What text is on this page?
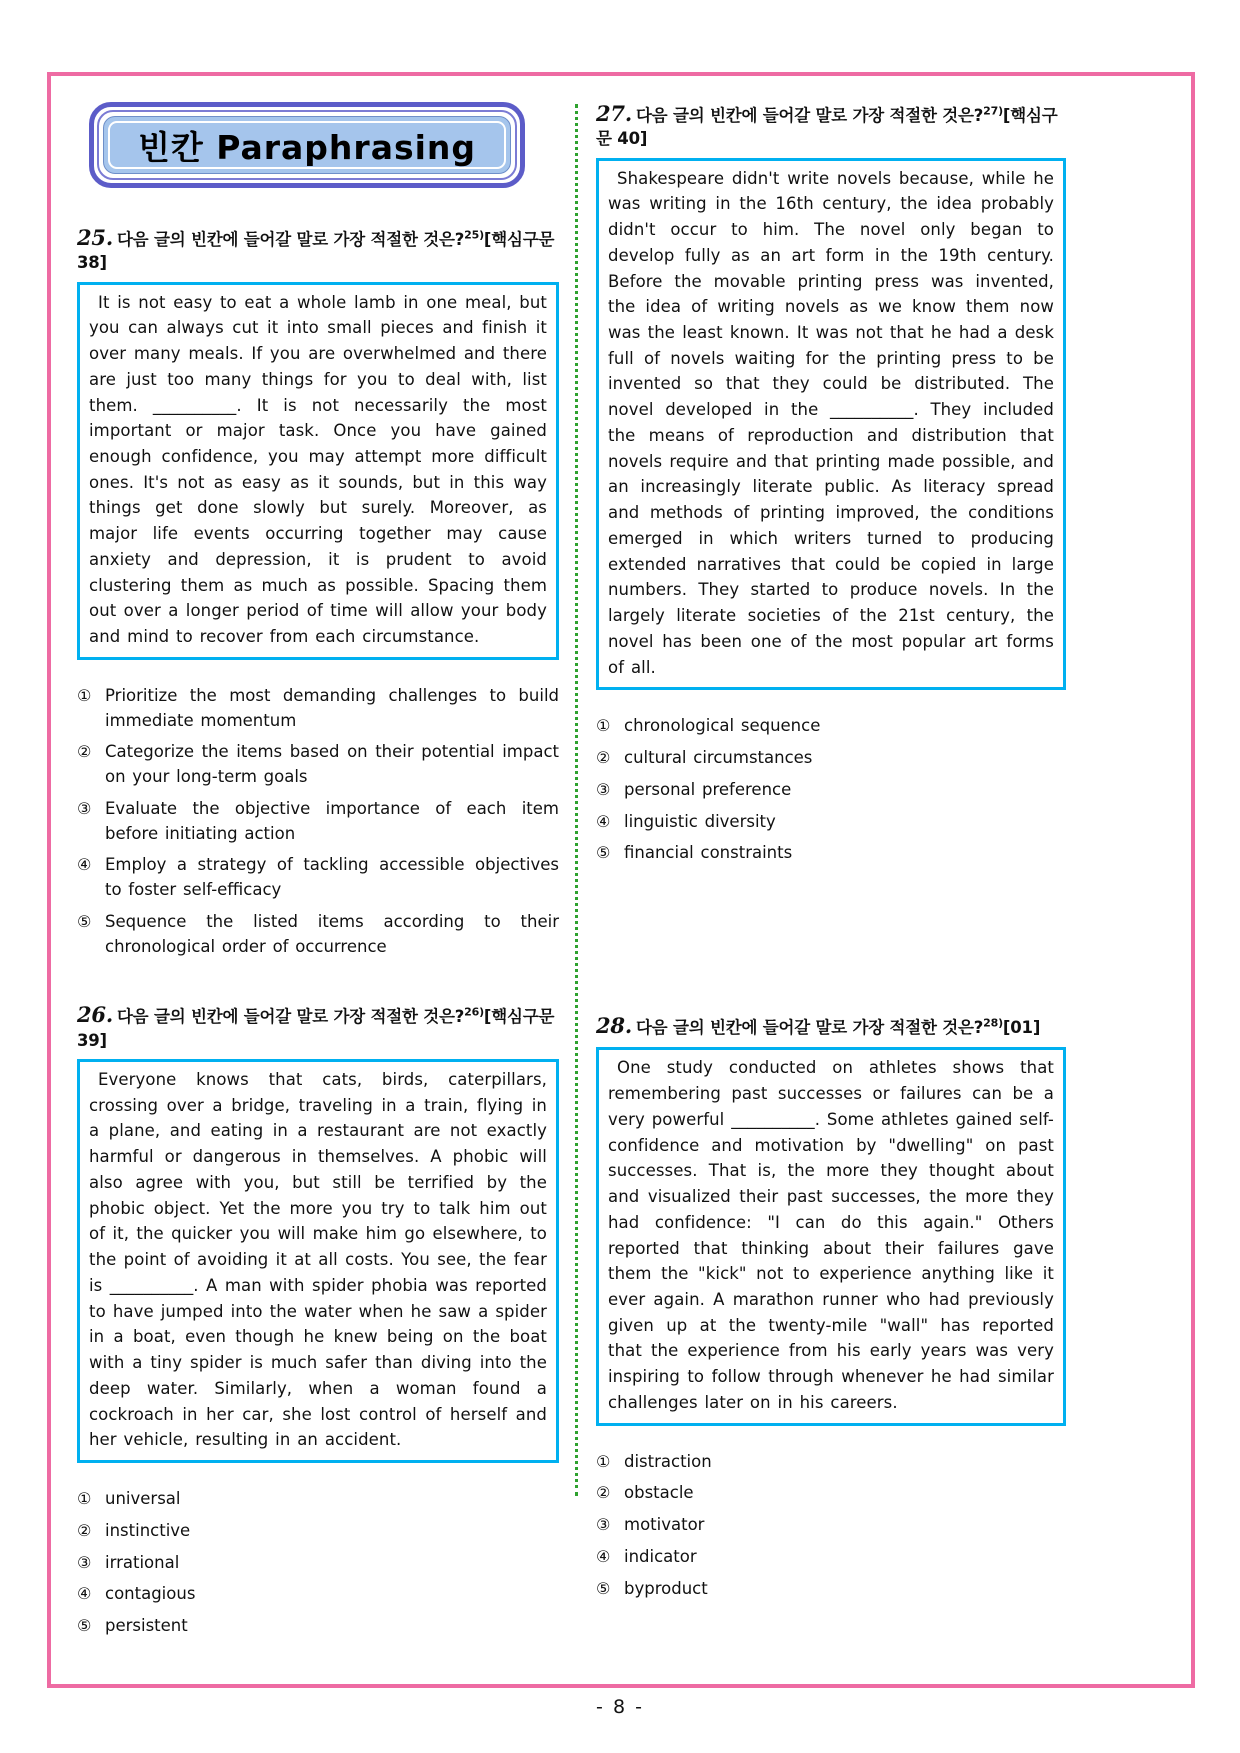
빈칸 Paraphrasing
25. 다음 글의 빈칸에 들어갈 말로 가장 적절한 것은?$^{25)}$[핵심구문 38]

It is not easy to eat a whole lamb in one meal, but you can always cut it into small pieces and finish it over many meals. If you are overwhelmed and there are just too many things for you to deal with, list them. __________. It is not necessarily the most important or major task. Once you have gained enough confidence, you may attempt more difficult ones. It's not as easy as it sounds, but in this way things get done slowly but surely. Moreover, as major life events occurring together may cause anxiety and depression, it is prudent to avoid clustering them as much as possible. Spacing them out over a longer period of time will allow your body and mind to recover from each circumstance.

① Prioritize the most demanding challenges to build immediate momentum
② Categorize the items based on their potential impact on your long-term goals
③ Evaluate the objective importance of each item before initiating action
④ Employ a strategy of tackling accessible objectives to foster self-efficacy
⑤ Sequence the listed items according to their chronological order of occurrence
26. 다음 글의 빈칸에 들어갈 말로 가장 적절한 것은?$^{26)}$[핵심구문 39]

Everyone knows that cats, birds, caterpillars, crossing over a bridge, traveling in a train, flying in a plane, and eating in a restaurant are not exactly harmful or dangerous in themselves. A phobic will also agree with you, but still be terrified by the phobic object. Yet the more you try to talk him out of it, the quicker you will make him go elsewhere, to the point of avoiding it at all costs. You see, the fear is __________. A man with spider phobia was reported to have jumped into the water when he saw a spider in a boat, even though he knew being on the boat with a tiny spider is much safer than diving into the deep water. Similarly, when a woman found a cockroach in her car, she lost control of herself and her vehicle, resulting in an accident.

① universal
② instinctive
③ irrational
④ contagious
⑤ persistent
27. 다음 글의 빈칸에 들어갈 말로 가장 적절한 것은?$^{27)}$[핵심구문 40]

Shakespeare didn't write novels because, while he was writing in the 16th century, the idea probably didn't occur to him. The novel only began to develop fully as an art form in the 19th century. Before the movable printing press was invented, the idea of writing novels as we know them now was the least known. It was not that he had a desk full of novels waiting for the printing press to be invented so that they could be distributed. The novel developed in the __________. They included the means of reproduction and distribution that novels require and that printing made possible, and an increasingly literate public. As literacy spread and methods of printing improved, the conditions emerged in which writers turned to producing extended narratives that could be copied in large numbers. They started to produce novels. In the largely literate societies of the 21st century, the novel has been one of the most popular art forms of all.

① chronological sequence
② cultural circumstances
③ personal preference
④ linguistic diversity
⑤ financial constraints
28. 다음 글의 빈칸에 들어갈 말로 가장 적절한 것은?$^{28)}$[01]

One study conducted on athletes shows that remembering past successes or failures can be a very powerful __________. Some athletes gained self-confidence and motivation by "dwelling" on past successes. That is, the more they thought about and visualized their past successes, the more they had confidence: "I can do this again." Others reported that thinking about their failures gave them the "kick" not to experience anything like it ever again. A marathon runner who had previously given up at the twenty-mile "wall" has reported that the experience from his early years was very inspiring to follow through whenever he had similar challenges later on in his careers.

① distraction
② obstacle
③ motivator
④ indicator
⑤ byproduct
- 8 -
